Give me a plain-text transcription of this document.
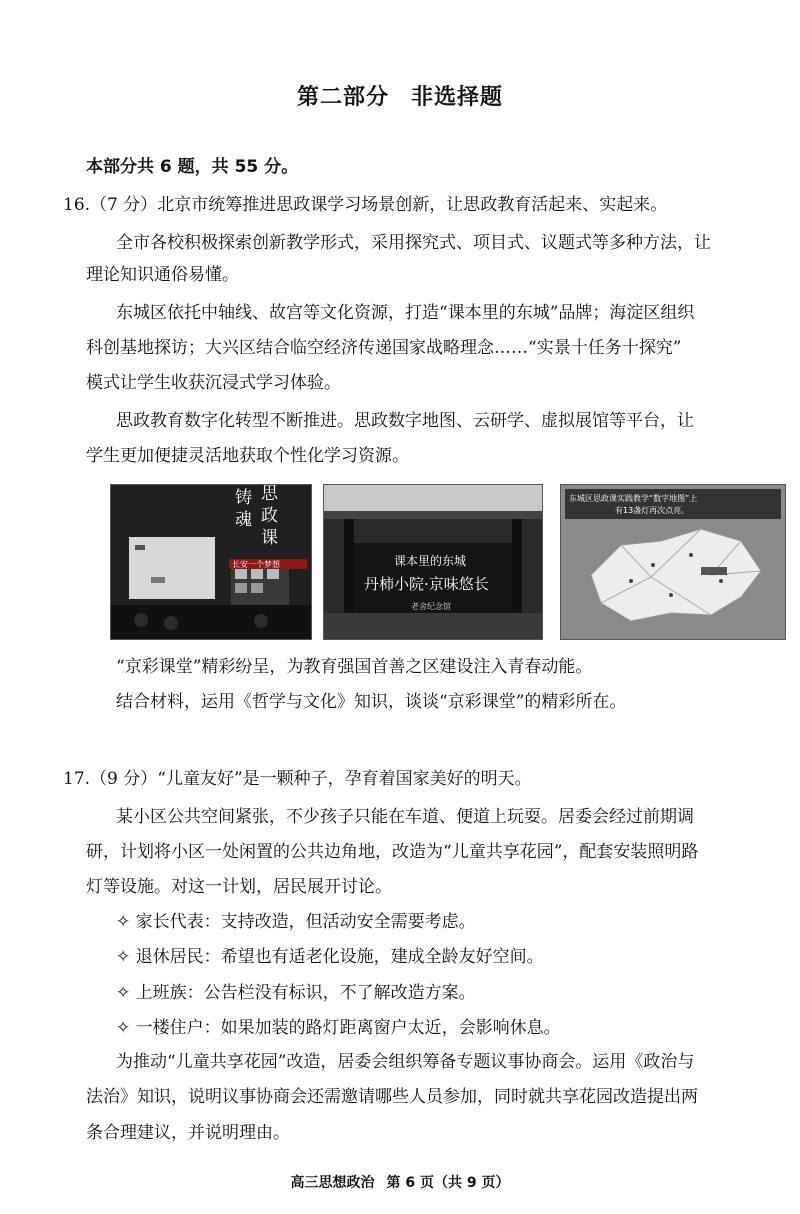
第二部分 非选择题
本部分共 6 题，共 55 分。
16.（7 分）北京市统筹推进思政课学习场景创新，让思政教育活起来、实起来。
全市各校积极探索创新教学形式，采用探究式、项目式、议题式等多种方法，让
理论知识通俗易懂。
东城区依托中轴线、故宫等文化资源，打造“课本里的东城”品牌；海淀区组织
科创基地探访；大兴区结合临空经济传递国家战略理念……“实景十任务十探究”
模式让学生收获沉浸式学习体验。
思政教育数字化转型不断推进。思政数字地图、云研学、虚拟展馆等平台，让
学生更加便捷灵活地获取个性化学习资源。
铸
魂
思
政
课
长安一个梦想	课本里的东城
丹柿小院·京味悠长
老舍纪念馆
东城区思政课实践教学“数字地图”上
有13盏灯再次点亮。
“京彩课堂”精彩纷呈，为教育强国首善之区建设注入青春动能。
结合材料，运用《哲学与文化》知识，谈谈“京彩课堂”的精彩所在。
17.（9 分）“儿童友好”是一颗种子，孕育着国家美好的明天。
某小区公共空间紧张，不少孩子只能在车道、便道上玩耍。居委会经过前期调
研，计划将小区一处闲置的公共边角地，改造为“儿童共享花园”，配套安装照明路
灯等设施。对这一计划，居民展开讨论。
✧ 家长代表：支持改造，但活动安全需要考虑。
✧ 退休居民：希望也有适老化设施，建成全龄友好空间。
✧ 上班族：公告栏没有标识，不了解改造方案。
✧ 一楼住户：如果加装的路灯距离窗户太近，会影响休息。
为推动“儿童共享花园”改造，居委会组织筹备专题议事协商会。运用《政治与
法治》知识，说明议事协商会还需邀请哪些人员参加，同时就共享花园改造提出两
条合理建议，并说明理由。
高三思想政治 第 6 页（共 9 页）
